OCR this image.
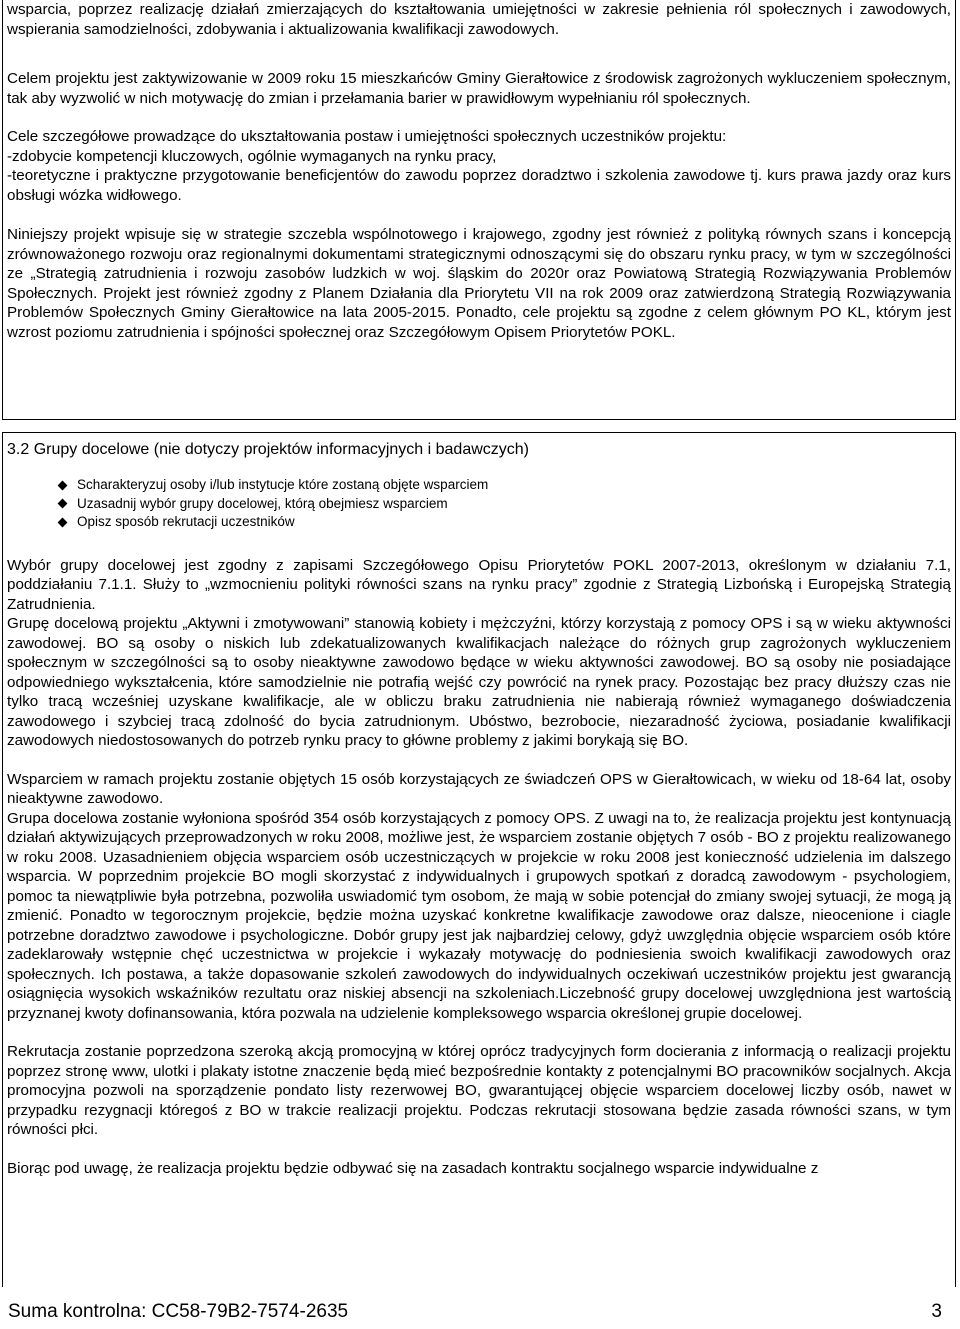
wsparcia, poprzez realizację działań zmierzających do kształtowania umiejętności w zakresie pełnienia ról społecznych i zawodowych, wspierania samodzielności, zdobywania i aktualizowania kwalifikacji zawodowych.

Celem projektu jest zaktywizowanie w 2009 roku 15 mieszkańców Gminy Gierałtowice z środowisk zagrożonych wykluczeniem społecznym, tak aby wyzwolić w nich motywację do zmian i przełamania barier w prawidłowym wypełnianiu ról społecznych.

Cele szczegółowe prowadzące do ukształtowania postaw i umiejętności społecznych uczestników projektu:

-zdobycie kompetencji kluczowych, ogólnie wymaganych na rynku pracy,

-teoretyczne i praktyczne przygotowanie beneficjentów do zawodu poprzez doradztwo i szkolenia zawodowe tj. kurs prawa jazdy oraz kurs obsługi wózka widłowego.

Niniejszy projekt wpisuje się w strategie szczebla wspólnotowego i krajowego, zgodny jest również z polityką równych szans i koncepcją zrównoważonego rozwoju oraz regionalnymi dokumentami strategicznymi odnoszącymi się do obszaru rynku pracy, w tym w szczególności ze „Strategią zatrudnienia i rozwoju zasobów ludzkich w woj. śląskim do 2020r oraz Powiatową Strategią Rozwiązywania Problemów Społecznych. Projekt jest również zgodny z Planem Działania dla Priorytetu VII na rok 2009 oraz zatwierdzoną Strategią Rozwiązywania Problemów Społecznych Gminy Gierałtowice na lata 2005-2015. Ponadto, cele projektu są zgodne z celem głównym PO KL, którym jest wzrost poziomu zatrudnienia i spójności społecznej oraz Szczegółowym Opisem Priorytetów POKL.

3.2 Grupy docelowe (nie dotyczy projektów informacyjnych i badawczych)

Scharakteryzuj osoby i/lub instytucje które zostaną objęte wsparciem
Uzasadnij wybór grupy docelowej, którą obejmiesz wsparciem
Opisz sposób rekrutacji uczestników

Wybór grupy docelowej jest zgodny z zapisami Szczegółowego Opisu Priorytetów POKL 2007-2013, określonym w działaniu 7.1, poddziałaniu 7.1.1. Służy to „wzmocnieniu polityki równości szans na rynku pracy” zgodnie z Strategią Lizbońską i Europejską Strategią Zatrudnienia.

Grupę docelową projektu „Aktywni i zmotywowani” stanowią kobiety i mężczyźni, którzy korzystają z pomocy OPS i są w wieku aktywności zawodowej. BO są osoby o niskich lub zdekatualizowanych kwalifikacjach należące do różnych grup zagrożonych wykluczeniem społecznym w szczególności są to osoby nieaktywne zawodowo będące w wieku aktywności zawodowej. BO są osoby nie posiadające odpowiedniego wykształcenia, które samodzielnie nie potrafią wejść czy powrócić na rynek pracy. Pozostając bez pracy dłuższy czas nie tylko tracą wcześniej uzyskane kwalifikacje, ale w obliczu braku zatrudnienia nie nabierają również wymaganego doświadczenia zawodowego i szybciej tracą zdolność do bycia zatrudnionym. Ubóstwo, bezrobocie, niezaradność życiowa, posiadanie kwalifikacji zawodowych niedostosowanych do potrzeb rynku pracy to główne problemy z jakimi borykają się BO.

Wsparciem w ramach projektu zostanie objętych 15 osób korzystających ze świadczeń OPS w Gierałtowicach, w wieku od 18-64 lat, osoby nieaktywne zawodowo.

Grupa docelowa zostanie wyłoniona spośród 354 osób korzystających z pomocy OPS. Z uwagi na to, że realizacja projektu jest kontynuacją działań aktywizujących przeprowadzonych w roku 2008, możliwe jest, że wsparciem zostanie objętych 7 osób - BO z projektu realizowanego w roku 2008. Uzasadnieniem objęcia wsparciem osób uczestniczących w projekcie w roku 2008 jest konieczność udzielenia im dalszego wsparcia. W poprzednim projekcie BO mogli skorzystać z indywidualnych i grupowych spotkań z doradcą zawodowym - psychologiem, pomoc ta niewątpliwie była potrzebna, pozwoliła uswiadomić tym osobom, że mają w sobie potencjał do zmiany swojej sytuacji, że mogą ją zmienić. Ponadto w tegorocznym projekcie, będzie można uzyskać konkretne kwalifikacje zawodowe oraz dalsze, nieocenione i ciagle potrzebne doradztwo zawodowe i psychologiczne. Dobór grupy jest jak najbardziej celowy, gdyż uwzględnia objęcie wsparciem osób które zadeklarowały wstępnie chęć uczestnictwa w projekcie i wykazały motywację do podniesienia swoich kwalifikacji zawodowych oraz społecznych. Ich postawa, a także dopasowanie szkoleń zawodowych do indywidualnych oczekiwań uczestników projektu jest gwarancją osiągnięcia wysokich wskaźników rezultatu oraz niskiej absencji na szkoleniach.Liczebność grupy docelowej uwzględniona jest wartością przyznanej kwoty dofinansowania, która pozwala na udzielenie kompleksowego wsparcia określonej grupie docelowej.

Rekrutacja zostanie poprzedzona szeroką akcją promocyjną w której oprócz tradycyjnych form docierania z informacją o realizacji projektu poprzez stronę www, ulotki i plakaty istotne znaczenie będą mieć bezpośrednie kontakty z potencjalnymi BO pracowników socjalnych. Akcja promocyjna pozwoli na sporządzenie pondato listy rezerwowej BO, gwarantującej objęcie wsparciem docelowej liczby osób, nawet w przypadku rezygnacji któregoś z BO w trakcie realizacji projektu. Podczas rekrutacji stosowana będzie zasada równości szans, w tym równości płci.

Biorąc pod uwagę, że realizacja projektu będzie odbywać się na zasadach kontraktu socjalnego wsparcie indywidualne z

Suma kontrolna: CC58-79B2-7574-2635	3
